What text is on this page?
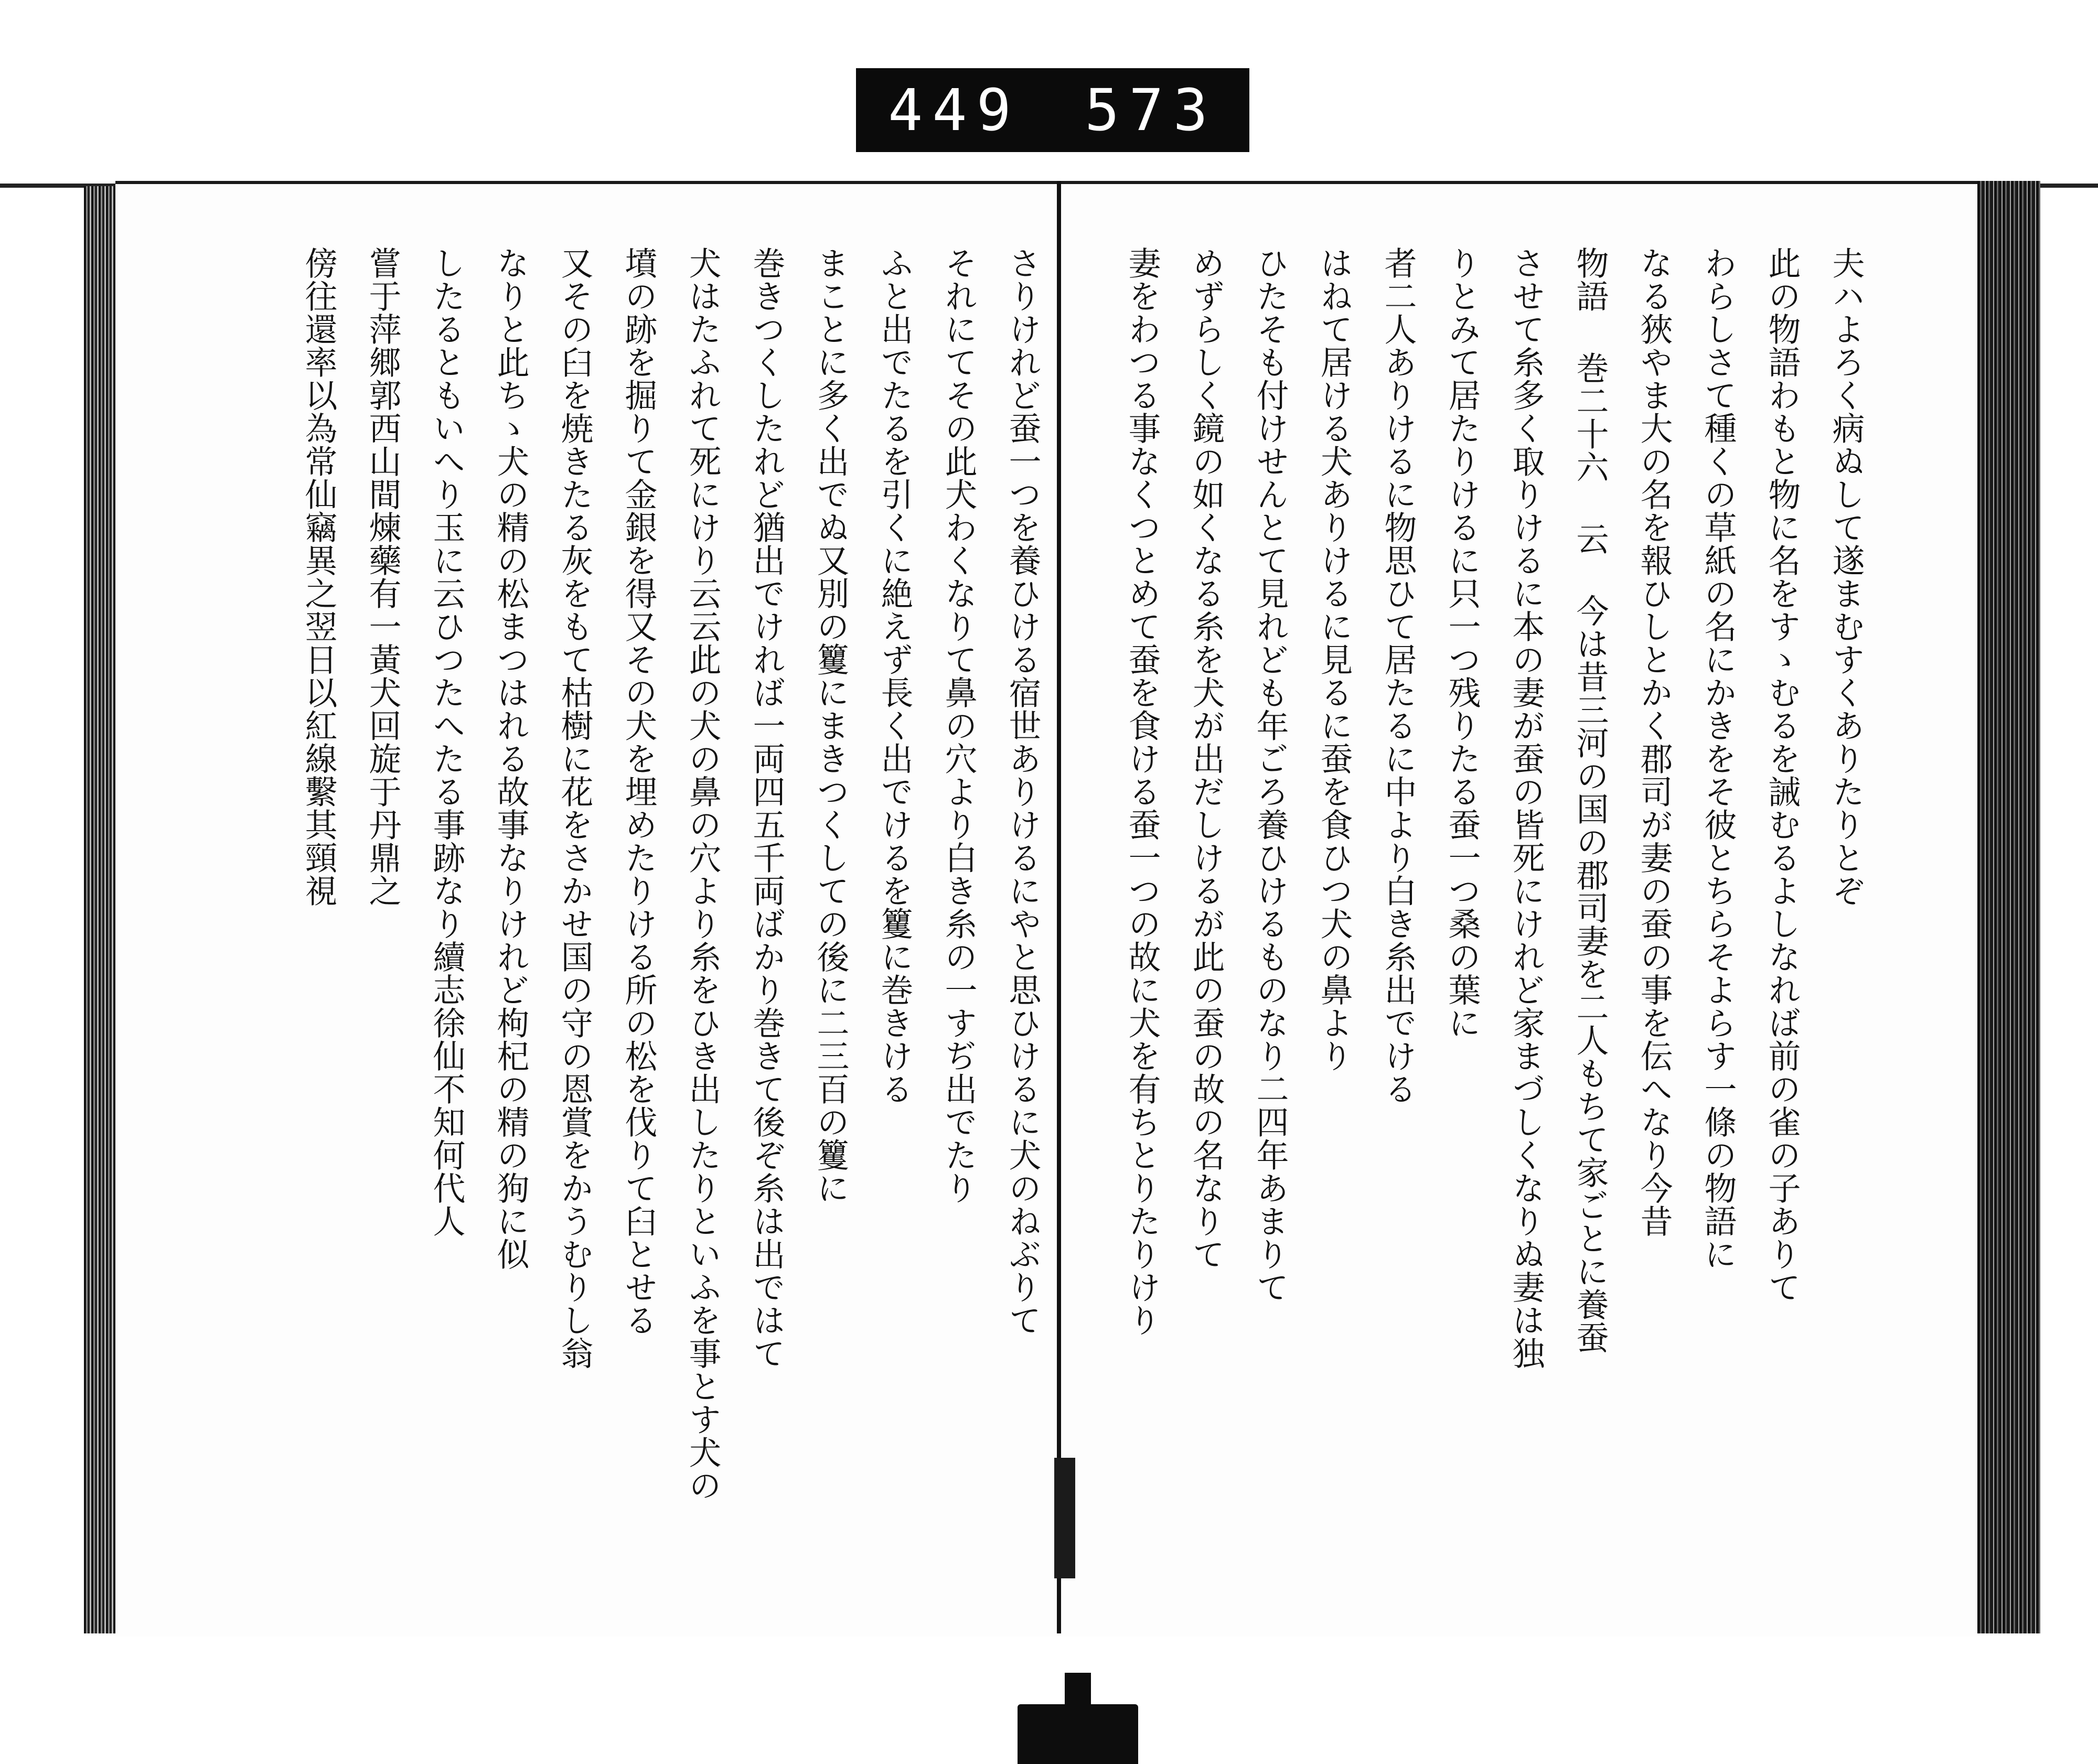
449 573
夫ハよろく病ぬして遂まむすくありたりとぞ
此の物語わもと物に名をすゝむるを誡むるよしなれば前の雀の子ありて
わらしさて種くの草紙の名にかきをそ彼とちらそよらす一條の物語に
なる狹やま大の名を報ひしとかく郡司が妻の蚕の事を伝へなり今昔
物語 巻二十六 云 今は昔三河の国の郡司妻を二人もちて家ごとに養蚕
させて糸多く取りけるに本の妻が蚕の皆死にけれど家まづしくなりぬ妻は独
りとみて居たりけるに只一つ残りたる蚕一つ桑の葉に
者二人ありけるに物思ひて居たるに中より白き糸出でける
はねて居ける犬ありけるに見るに蚕を食ひつ犬の鼻より
ひたそも付けせんとて見れども年ごろ養ひけるものなり二四年あまりて
めずらしく鏡の如くなる糸を犬が出だしけるが此の蚕の故の名なりて
妻をわつる事なくつとめて蚕を食ける蚕一つの故に犬を有ちとりたりけり
さりけれど蚕一つを養ひける宿世ありけるにやと思ひけるに犬のねぶりて
それにてその此犬わくなりて鼻の穴より白き糸の一すぢ出でたり
ふと出でたるを引くに絶えず長く出でけるを籰に巻きける
まことに多く出でぬ又別の籰にまきつくしての後に二三百の籰に
巻きつくしたれど猶出でければ一両四五千両ばかり巻きて後ぞ糸は出ではて
犬はたふれて死にけり云云此の犬の鼻の穴より糸をひき出したりといふを事とす犬の
墳の跡を掘りて金銀を得又その犬を埋めたりける所の松を伐りて臼とせる
又その臼を焼きたる灰をもて枯樹に花をさかせ国の守の恩賞をかうむりし翁
なりと此ちゝ犬の精の松まつはれる故事なりけれど枸杞の精の狗に似
したるともいへり玉に云ひつたへたる事跡なり續志徐仙不知何代人
嘗于萍郷郭西山間煉藥有一黃犬回旋于丹鼎之
傍往還率以為常仙竊異之翌日以紅線繫其頸視
